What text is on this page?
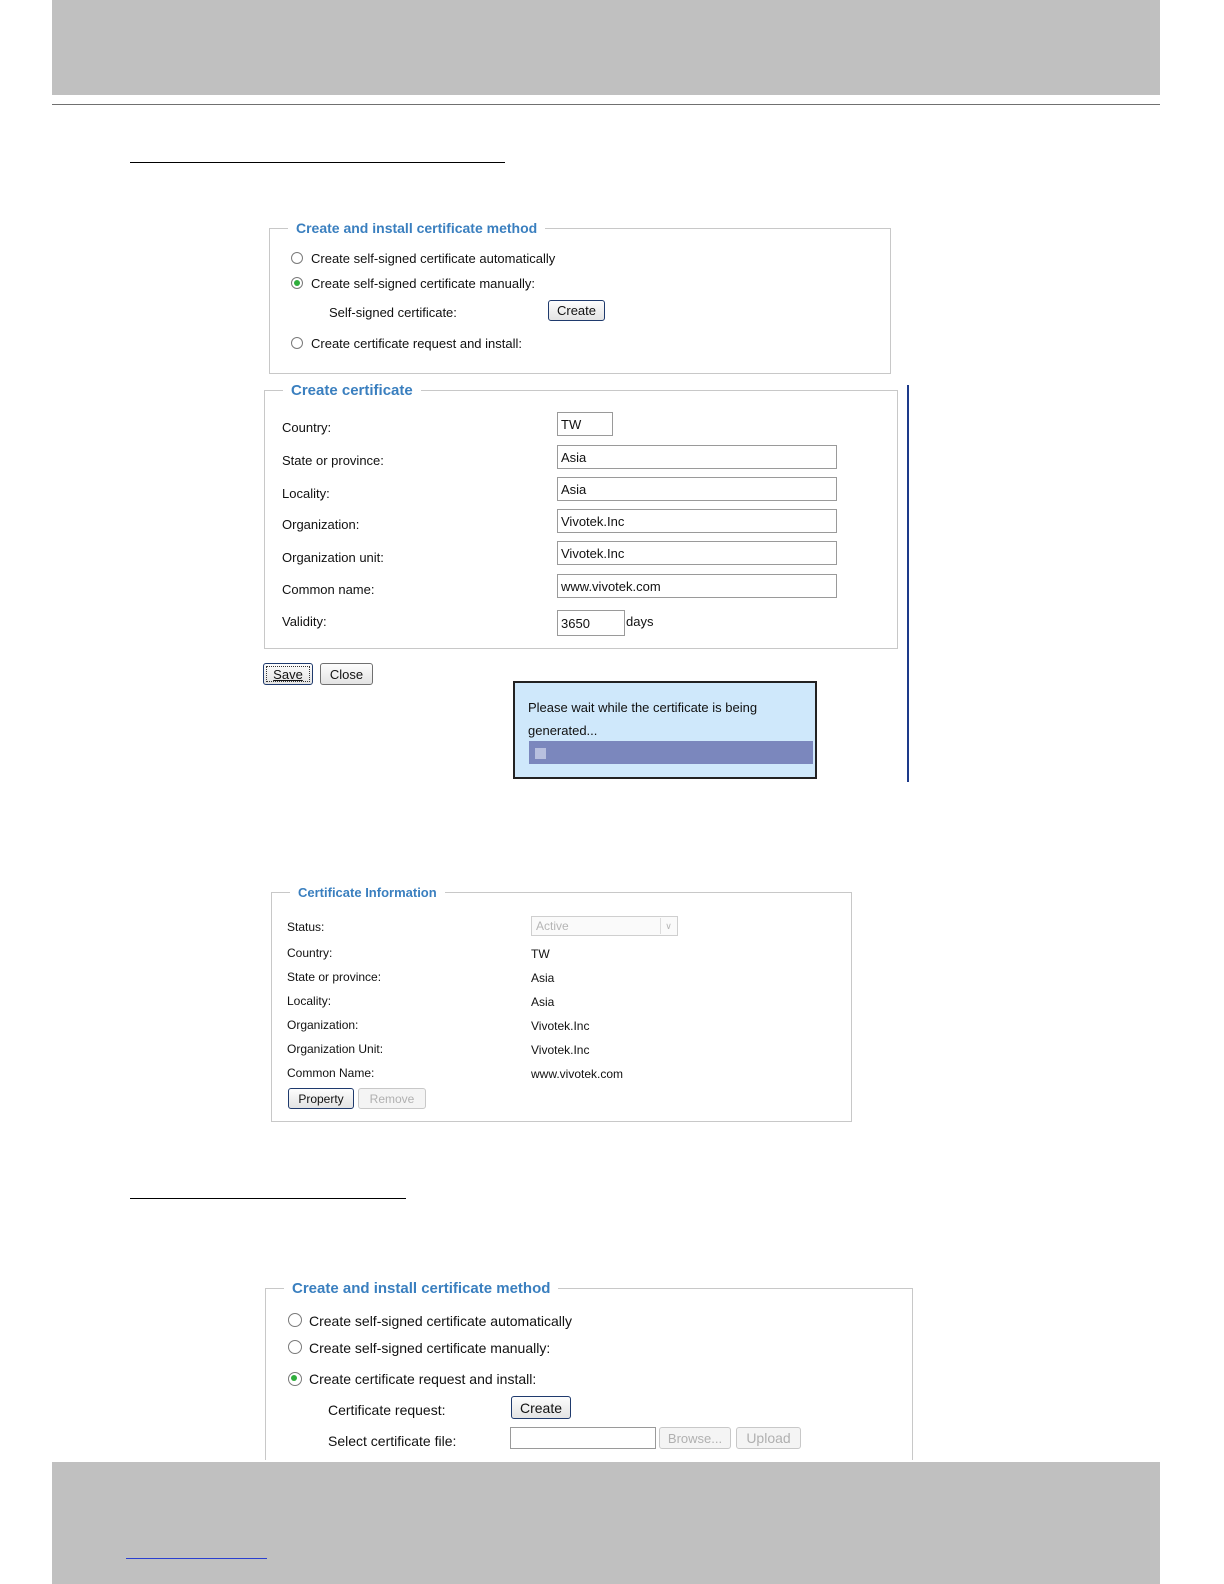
Create and install certificate method
Create self-signed certificate automatically
Create self-signed certificate manually:
Self-signed certificate:	Create
Create certificate request and install:
Create certificate
Country:
TW
State or province:
Asia
Locality:
Asia
Organization:
Vivotek.Inc
Organization unit:
Vivotek.Inc
Common name:
www.vivotek.com
Validity:
3650	days
Save	Close
Please wait while the certificate is being generated...
Certificate Information
Status:	Active	∨
Country:	TW
State or province:	Asia
Locality:	Asia
Organization:	Vivotek.Inc
Organization Unit:	Vivotek.Inc
Common Name:	www.vivotek.com
Property	Remove
Create and install certificate method
Create self-signed certificate automatically
Create self-signed certificate manually:
Create certificate request and install:
Certificate request:	Create
Select certificate file:	Browse...	Upload
